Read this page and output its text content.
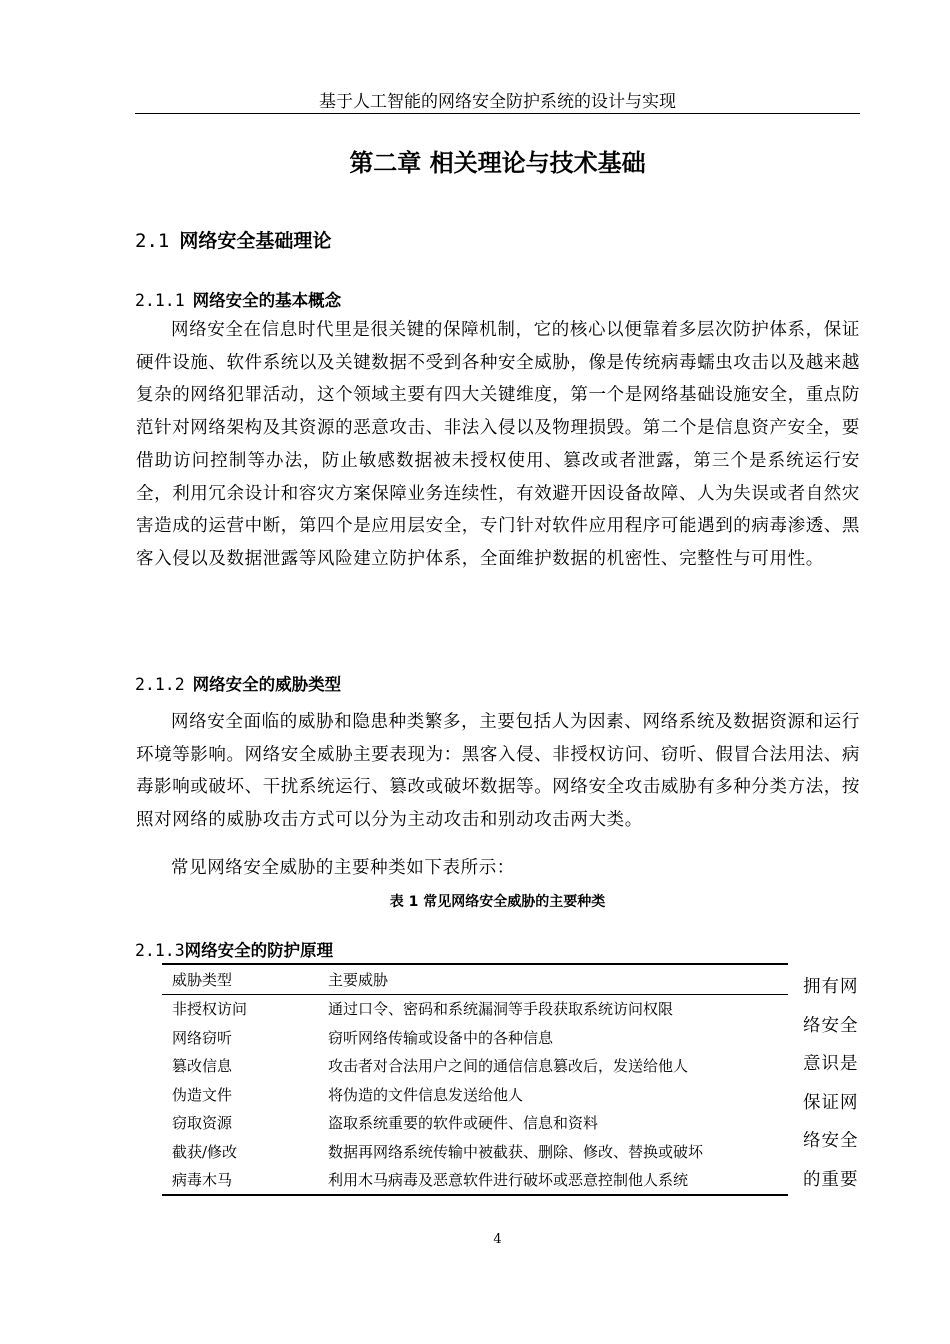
基于人工智能的网络安全防护系统的设计与实现
第二章 相关理论与技术基础
2.1 网络安全基础理论
2.1.1 网络安全的基本概念

网络安全在信息时代里是很关键的保障机制，它的核心以便靠着多层次防护体系，保证硬件设施、软件系统以及关键数据不受到各种安全威胁，像是传统病毒蠕虫攻击以及越来越复杂的网络犯罪活动，这个领域主要有四大关键维度，第一个是网络基础设施安全，重点防范针对网络架构及其资源的恶意攻击、非法入侵以及物理损毁。第二个是信息资产安全，要借助访问控制等办法，防止敏感数据被未授权使用、篡改或者泄露，第三个是系统运行安全，利用冗余设计和容灾方案保障业务连续性，有效避开因设备故障、人为失误或者自然灾害造成的运营中断，第四个是应用层安全，专门针对软件应用程序可能遇到的病毒渗透、黑客入侵以及数据泄露等风险建立防护体系，全面维护数据的机密性、完整性与可用性。

2.1.2 网络安全的威胁类型

网络安全面临的威胁和隐患种类繁多，主要包括人为因素、网络系统及数据资源和运行环境等影响。网络安全威胁主要表现为：黑客入侵、非授权访问、窃听、假冒合法用法、病毒影响或破坏、干扰系统运行、篡改或破坏数据等。网络安全攻击威胁有多种分类方法，按照对网络的威胁攻击方式可以分为主动攻击和别动攻击两大类。

常见网络安全威胁的主要种类如下表所示：

表 1 常见网络安全威胁的主要种类
2.1.3网络安全的防护原理
威胁类型	主要威胁
非授权访问	通过口令、密码和系统漏洞等手段获取系统访问权限
网络窃听	窃听网络传输或设备中的各种信息
篡改信息	攻击者对合法用户之间的通信信息篡改后，发送给他人
伪造文件	将伪造的文件信息发送给他人
窃取资源	盗取系统重要的软件或硬件、信息和资料
截获/修改	数据再网络系统传输中被截获、删除、修改、替换或破坏
病毒木马	利用木马病毒及恶意软件进行破坏或恶意控制他人系统
拥有网
络安全
意识是
保证网
络安全
的重要
4
